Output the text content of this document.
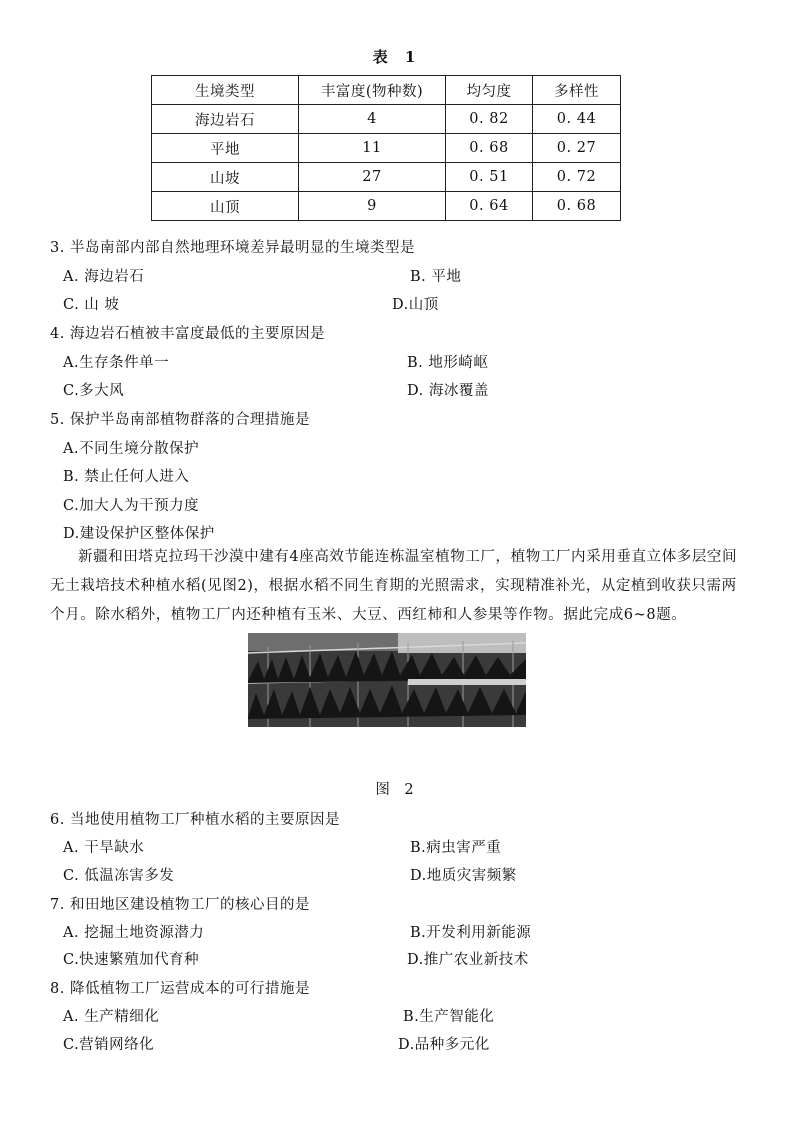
表 1
生境类型	丰富度(物种数)	均匀度	多样性
海边岩石	4	0. 82	0. 44
平地	11	0. 68	0. 27
山坡	27	0. 51	0. 72
山顶	9	0. 64	0. 68
3. 半岛南部内部自然地理环境差异最明显的生境类型是
A. 海边岩石	B. 平地
C. 山 坡	D.山顶
4. 海边岩石植被丰富度最低的主要原因是
A.生存条件单一	B. 地形崎岖
C.多大风	D. 海冰覆盖
5. 保护半岛南部植物群落的合理措施是
A.不同生境分散保护
B. 禁止任何人进入
C.加大人为干预力度
D.建设保护区整体保护
新疆和田塔克拉玛干沙漠中建有4座高效节能连栋温室植物工厂，植物工厂内采用垂直立体多层空间无土栽培技术种植水稻(见图2)，根据水稻不同生育期的光照需求，实现精准补光，从定植到收获只需两个月。除水稻外，植物工厂内还种植有玉米、大豆、西红柿和人参果等作物。据此完成6~8题。
图 2
6. 当地使用植物工厂种植水稻的主要原因是
A. 干旱缺水	B.病虫害严重
C. 低温冻害多发	D.地质灾害频繁
7. 和田地区建设植物工厂的核心目的是
A. 挖掘土地资源潜力	B.开发利用新能源
C.快速繁殖加代育种	D.推广农业新技术
8. 降低植物工厂运营成本的可行措施是
A. 生产精细化	B.生产智能化
C.营销网络化	D.品种多元化
